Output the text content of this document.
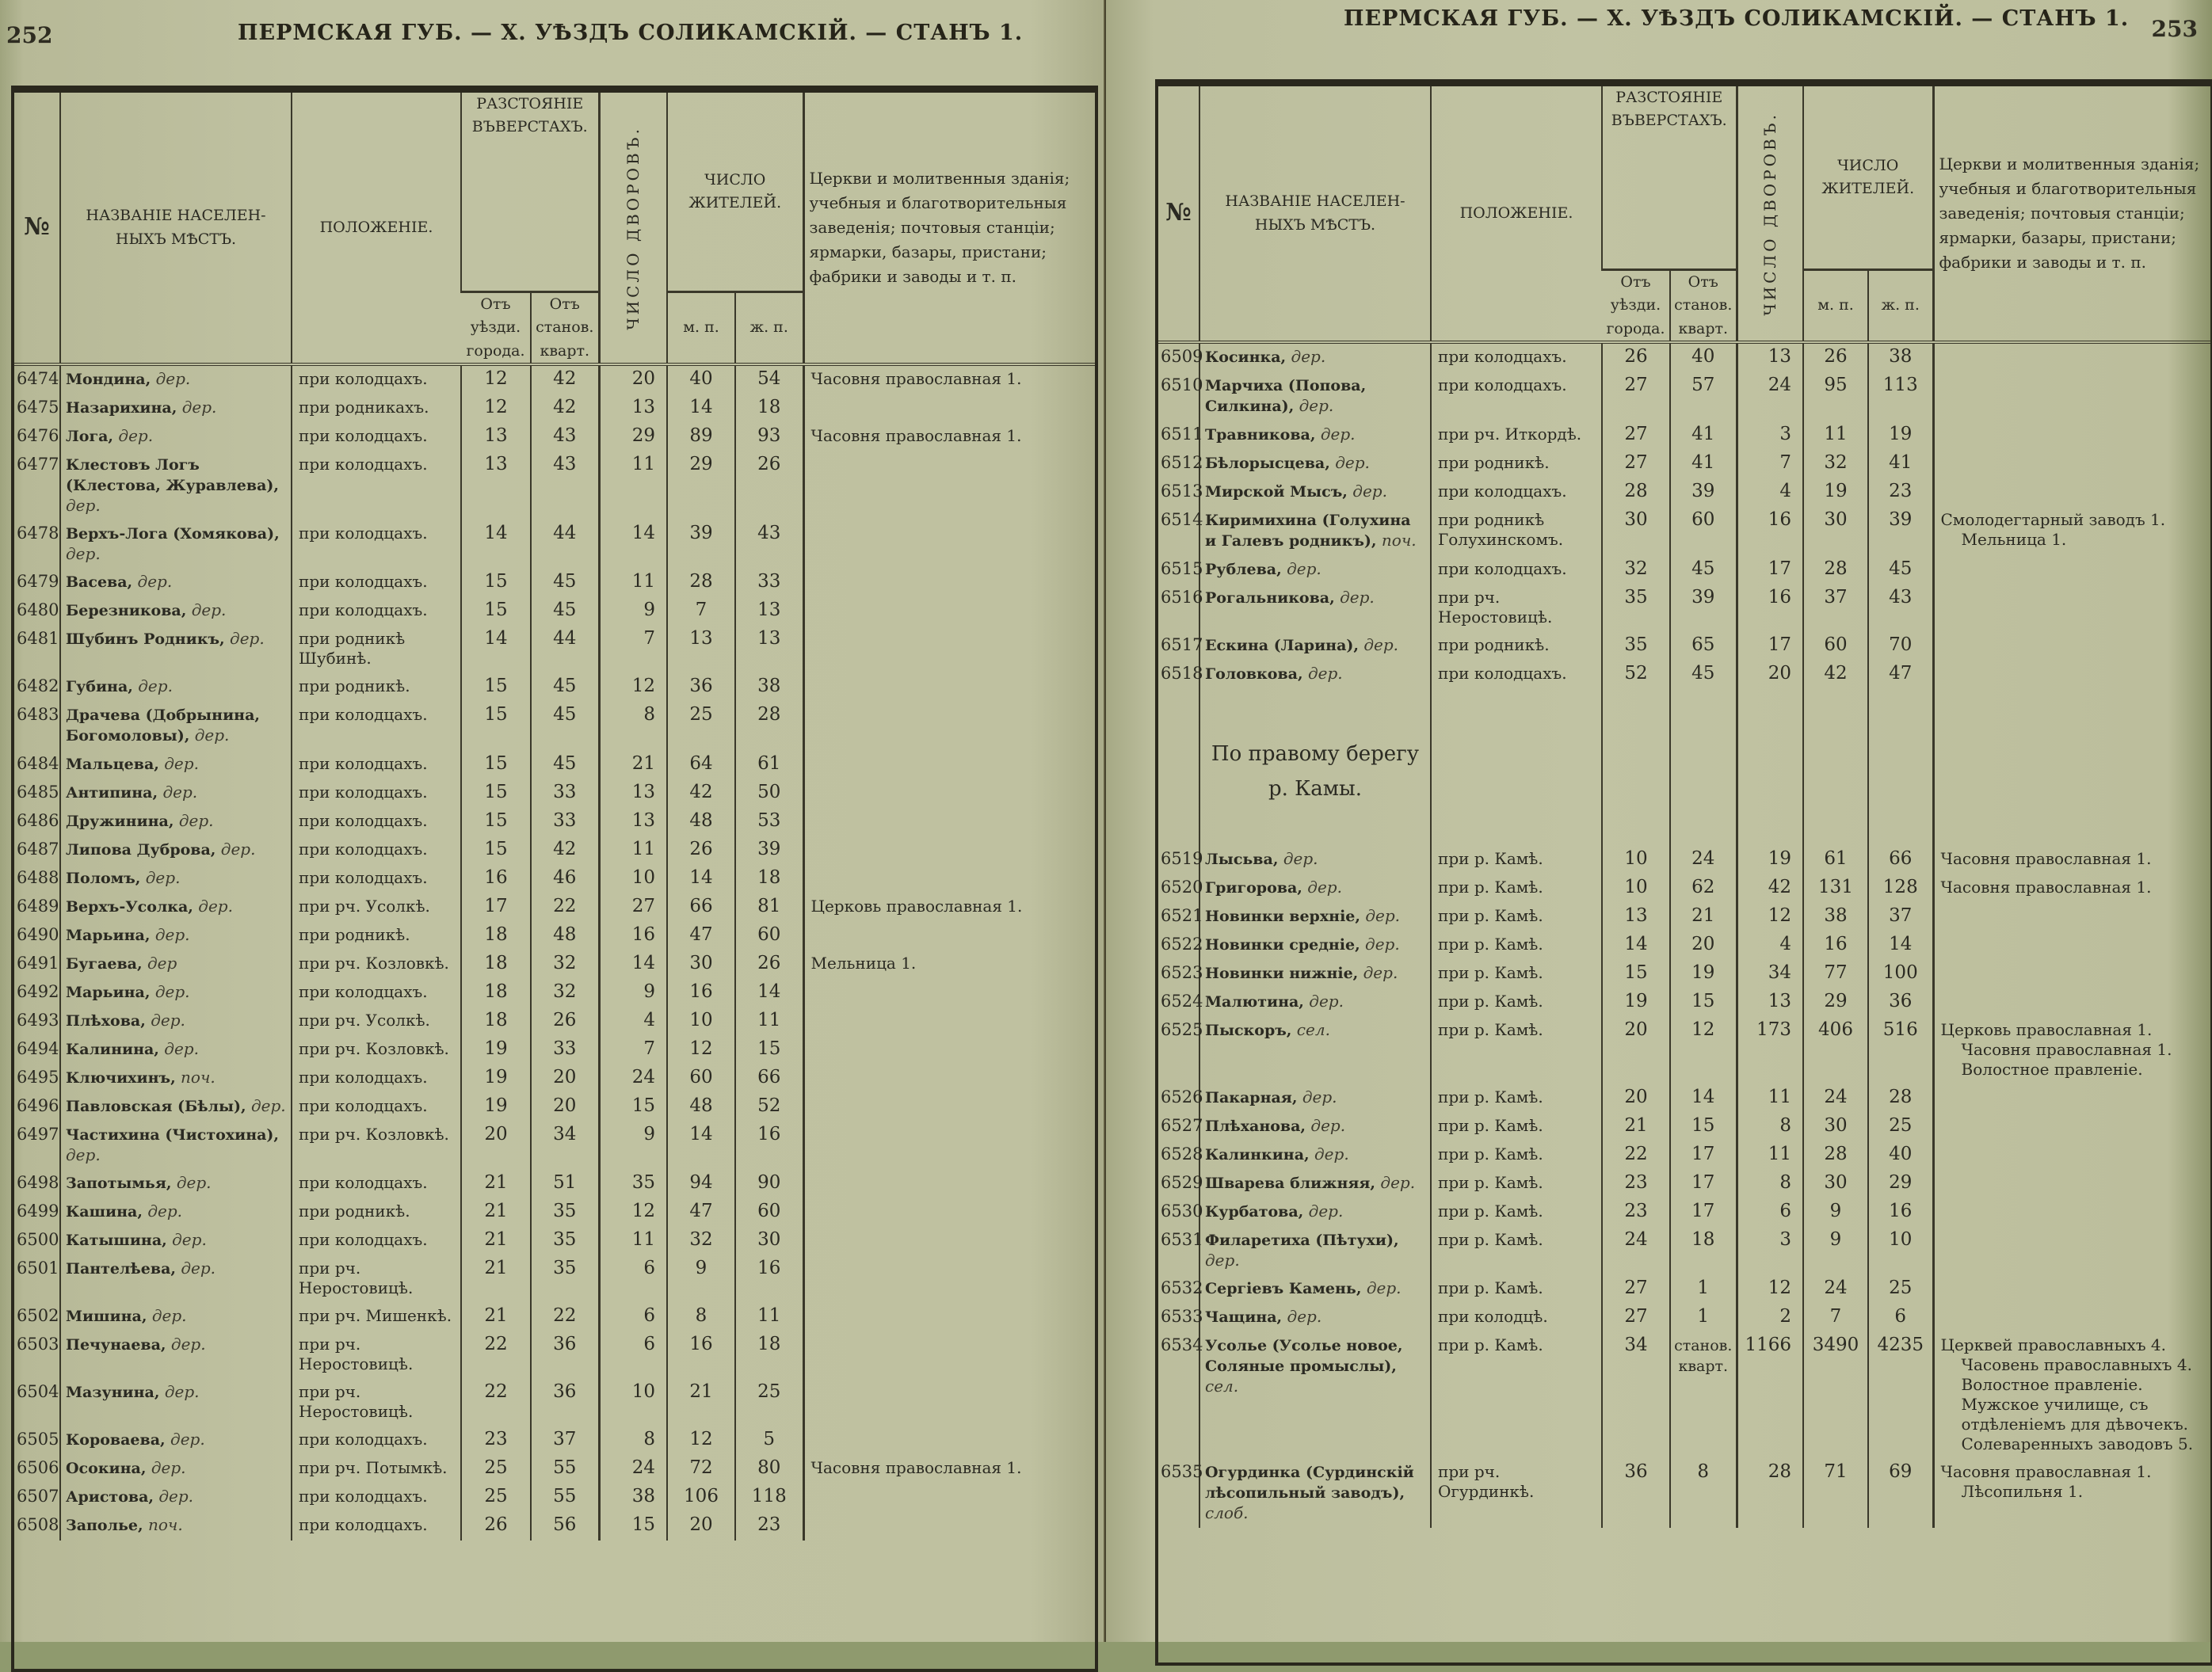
252	ПЕРМСКАЯ ГУБ. — X. УѢЗДЪ СОЛИКАМСКІЙ. — СТАНЪ 1.
№	НАЗВАНІЕ НАСЕЛЕН- НЫХЪ МѢСТЪ.	ПОЛОЖЕНІЕ.	РАЗСТОЯНІЕ ВЪВЕРСТАХЪ.		ЧИСЛО ДВОРОВЪ.	ЧИСЛО ЖИТЕЛЕЙ.		Церкви и молитвенныя зданія; учебныя и благотворительныя заведенія; почтовыя станціи; ярмарки, базары, пристани; фабрики и заводы и т. п.
			Отъ уѣзди. города.	Отъ станов. кварт.		м. п.	ж. п.	
6474	Мондина, дер.	при колодцахъ.	12	42	20	40	54	Часовня православная 1.

6475	Назарихина, дер.	при родникахъ.	12	42	13	14	18	
6476	Лога, дер.	при колодцахъ.	13	43	29	89	93	Часовня православная 1.

6477	Клестовъ Логъ (Клестова, Журавлева), дер.	при колодцахъ.	13	43	11	29	26	
6478	Верхъ-Лога (Хомякова), дер.	при колодцахъ.	14	44	14	39	43	
6479	Васева, дер.	при колодцахъ.	15	45	11	28	33	
6480	Березникова, дер.	при колодцахъ.	15	45	9	7	13	
6481	Шубинъ Родникъ, дер.	при родникѣ Шубинѣ.	14	44	7	13	13	
6482	Губина, дер.	при родникѣ.	15	45	12	36	38	
6483	Драчева (Добрынина, Богомоловы), дер.	при колодцахъ.	15	45	8	25	28	
6484	Мальцева, дер.	при колодцахъ.	15	45	21	64	61	
6485	Антипина, дер.	при колодцахъ.	15	33	13	42	50	
6486	Дружинина, дер.	при колодцахъ.	15	33	13	48	53	
6487	Липова Дуброва, дер.	при колодцахъ.	15	42	11	26	39	
6488	Поломъ, дер.	при колодцахъ.	16	46	10	14	18	
6489	Верхъ-Усолка, дер.	при рч. Усолкѣ.	17	22	27	66	81	Церковь православная 1.

6490	Марьина, дер.	при родникѣ.	18	48	16	47	60	
6491	Бугаева, дер	при рч. Козловкѣ.	18	32	14	30	26	Мельница 1.

6492	Марьина, дер.	при колодцахъ.	18	32	9	16	14	
6493	Плѣхова, дер.	при рч. Усолкѣ.	18	26	4	10	11	
6494	Калинина, дер.	при рч. Козловкѣ.	19	33	7	12	15	
6495	Ключихинъ, поч.	при колодцахъ.	19	20	24	60	66	
6496	Павловская (Бѣлы), дер.	при колодцахъ.	19	20	15	48	52	
6497	Частихина (Чистохина), дер.	при рч. Козловкѣ.	20	34	9	14	16	
6498	Запотымья, дер.	при колодцахъ.	21	51	35	94	90	
6499	Кашина, дер.	при родникѣ.	21	35	12	47	60	
6500	Катышина, дер.	при колодцахъ.	21	35	11	32	30	
6501	Пантелѣева, дер.	при рч. Неростовицѣ.	21	35	6	9	16	
6502	Мишина, дер.	при рч. Мишенкѣ.	21	22	6	8	11	
6503	Печунаева, дер.	при рч. Неростовицѣ.	22	36	6	16	18	
6504	Мазунина, дер.	при рч. Неростовицѣ.	22	36	10	21	25	
6505	Короваева, дер.	при колодцахъ.	23	37	8	12	5	
6506	Осокина, дер.	при рч. Потымкѣ.	25	55	24	72	80	Часовня православная 1.

6507	Аристова, дер.	при колодцахъ.	25	55	38	106	118	
6508	Заполье, поч.	при колодцахъ.	26	56	15	20	23	
ПЕРМСКАЯ ГУБ. — X. УѢЗДЪ СОЛИКАМСКІЙ. — СТАНЪ 1. 253
№	НАЗВАНІЕ НАСЕЛЕН- НЫХЪ МѢСТЪ.	ПОЛОЖЕНІЕ.	РАЗСТОЯНІЕ ВЪВЕРСТАХЪ.		ЧИСЛО ДВОРОВЪ.	ЧИСЛО ЖИТЕЛЕЙ.		Церкви и молитвенныя зданія; учебныя и благотворительныя заведенія; почтовыя станціи; ярмарки, базары, пристани; фабрики и заводы и т. п.
			Отъ уѣзди. города.	Отъ станов. кварт.		м. п.	ж. п.	
6509	Косинка, дер.	при колодцахъ.	26	40	13	26	38	
6510	Марчиха (Попова, Силкина), дер.	при колодцахъ.	27	57	24	95	113	
6511	Травникова, дер.	при рч. Иткордѣ.	27	41	3	11	19	
6512	Бѣлорысцева, дер.	при родникѣ.	27	41	7	32	41	
6513	Мирской Мысъ, дер.	при колодцахъ.	28	39	4	19	23	
6514	Киримихина (Голухина и Галевъ родникъ), поч.	при родникѣ Голухинскомъ.	30	60	16	30	39	Смолодегтарный заводъ 1.
Мельница 1.

6515	Рублева, дер.	при колодцахъ.	32	45	17	28	45	
6516	Рогальникова, дер.	при рч. Неростовицѣ.	35	39	16	37	43	
6517	Ескина (Ларина), дер.	при родникѣ.	35	65	17	60	70	
6518	Головкова, дер.	при колодцахъ.	52	45	20	42	47	
	По правому берегу р. Камы.							
6519	Лысьва, дер.	при р. Камѣ.	10	24	19	61	66	Часовня православная 1.

6520	Григорова, дер.	при р. Камѣ.	10	62	42	131	128	Часовня православная 1.

6521	Новинки верхніе, дер.	при р. Камѣ.	13	21	12	38	37	
6522	Новинки средніе, дер.	при р. Камѣ.	14	20	4	16	14	
6523	Новинки нижніе, дер.	при р. Камѣ.	15	19	34	77	100	
6524	Малютина, дер.	при р. Камѣ.	19	15	13	29	36	
6525	Пыскоръ, сел.	при р. Камѣ.	20	12	173	406	516	Церковь православная 1.
Часовня православная 1.
Волостное правленіе.

6526	Пакарная, дер.	при р. Камѣ.	20	14	11	24	28	
6527	Плѣханова, дер.	при р. Камѣ.	21	15	8	30	25	
6528	Калинкина, дер.	при р. Камѣ.	22	17	11	28	40	
6529	Шварева ближняя, дер.	при р. Камѣ.	23	17	8	30	29	
6530	Курбатова, дер.	при р. Камѣ.	23	17	6	9	16	
6531	Филаретиха (Пѣтухи), дер.	при р. Камѣ.	24	18	3	9	10	
6532	Сергіевъ Камень, дер.	при р. Камѣ.	27	1	12	24	25	
6533	Чащина, дер.	при колодцѣ.	27	1	2	7	6	
6534	Усолье (Усолье новое, Соляные промыслы), сел.	при р. Камѣ.	34	станов. кварт.	1166	3490	4235	Церквей православныхъ 4.
Часовень православныхъ 4.
Волостное правленіе. Мужское училище, съ отдѣленіемъ для дѣвочекъ. Солеваренныхъ заводовъ 5.

6535	Огурдинка (Сурдинскій лѣсопильный заводъ), слоб.	при рч. Огурдинкѣ.	36	8	28	71	69	Часовня православная 1.
Лѣсопильня 1.
